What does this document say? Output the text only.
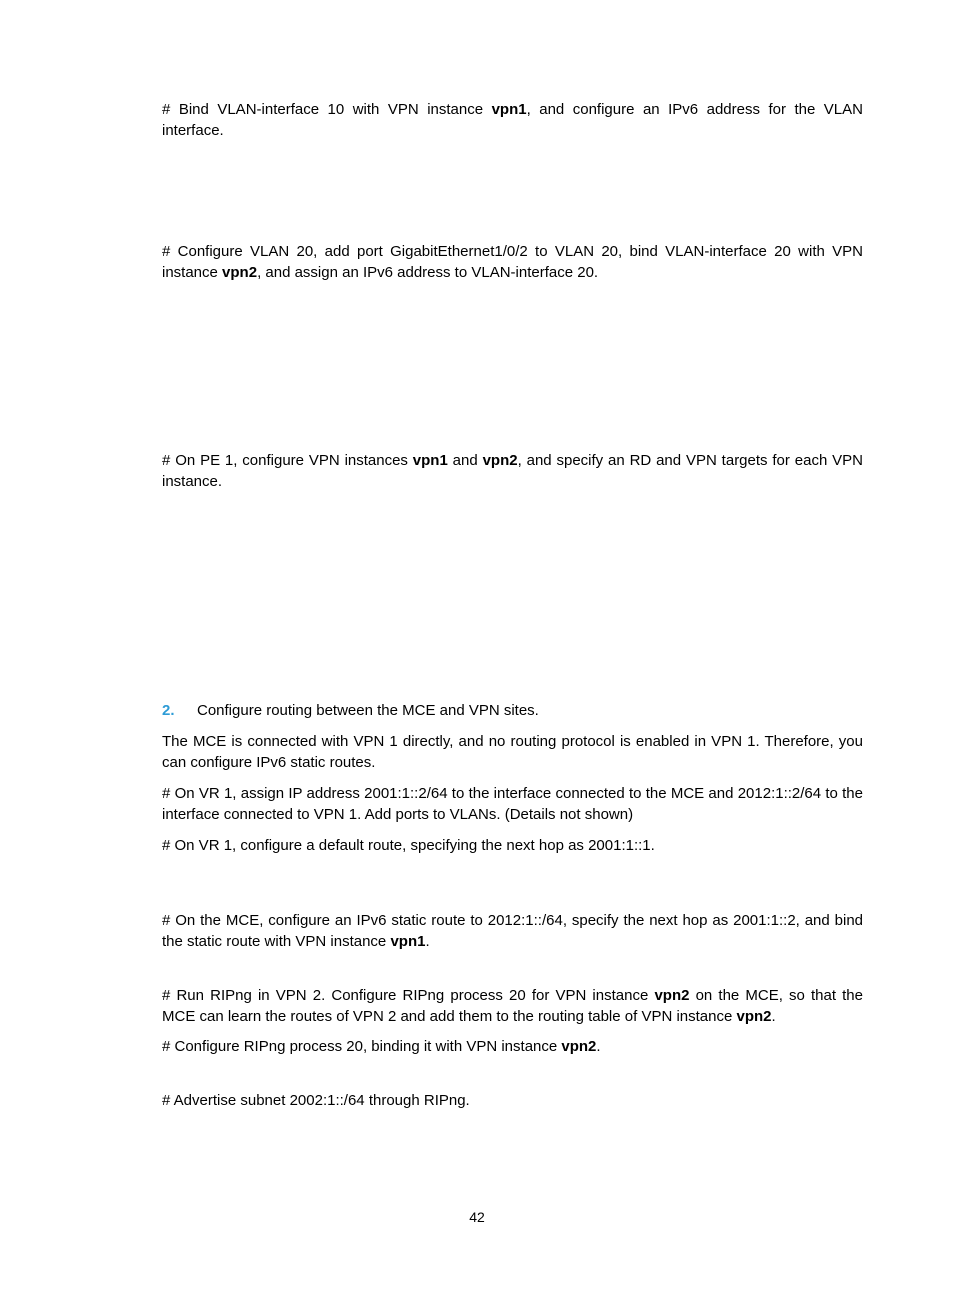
# Bind VLAN-interface 10 with VPN instance vpn1, and configure an IPv6 address for the VLAN interface.

# Configure VLAN 20, add port GigabitEthernet1/0/2 to VLAN 20, bind VLAN-interface 20 with VPN instance vpn2, and assign an IPv6 address to VLAN-interface 20.

# On PE 1, configure VPN instances vpn1 and vpn2, and specify an RD and VPN targets for each VPN instance.

2. Configure routing between the MCE and VPN sites.

The MCE is connected with VPN 1 directly, and no routing protocol is enabled in VPN 1. Therefore, you can configure IPv6 static routes.

# On VR 1, assign IP address 2001:1::2/64 to the interface connected to the MCE and 2012:1::2/64 to the interface connected to VPN 1. Add ports to VLANs. (Details not shown)

# On VR 1, configure a default route, specifying the next hop as 2001:1::1.

# On the MCE, configure an IPv6 static route to 2012:1::/64, specify the next hop as 2001:1::2, and bind the static route with VPN instance vpn1.

# Run RIPng in VPN 2. Configure RIPng process 20 for VPN instance vpn2 on the MCE, so that the MCE can learn the routes of VPN 2 and add them to the routing table of VPN instance vpn2.

# Configure RIPng process 20, binding it with VPN instance vpn2.

# Advertise subnet 2002:1::/64 through RIPng.

42
